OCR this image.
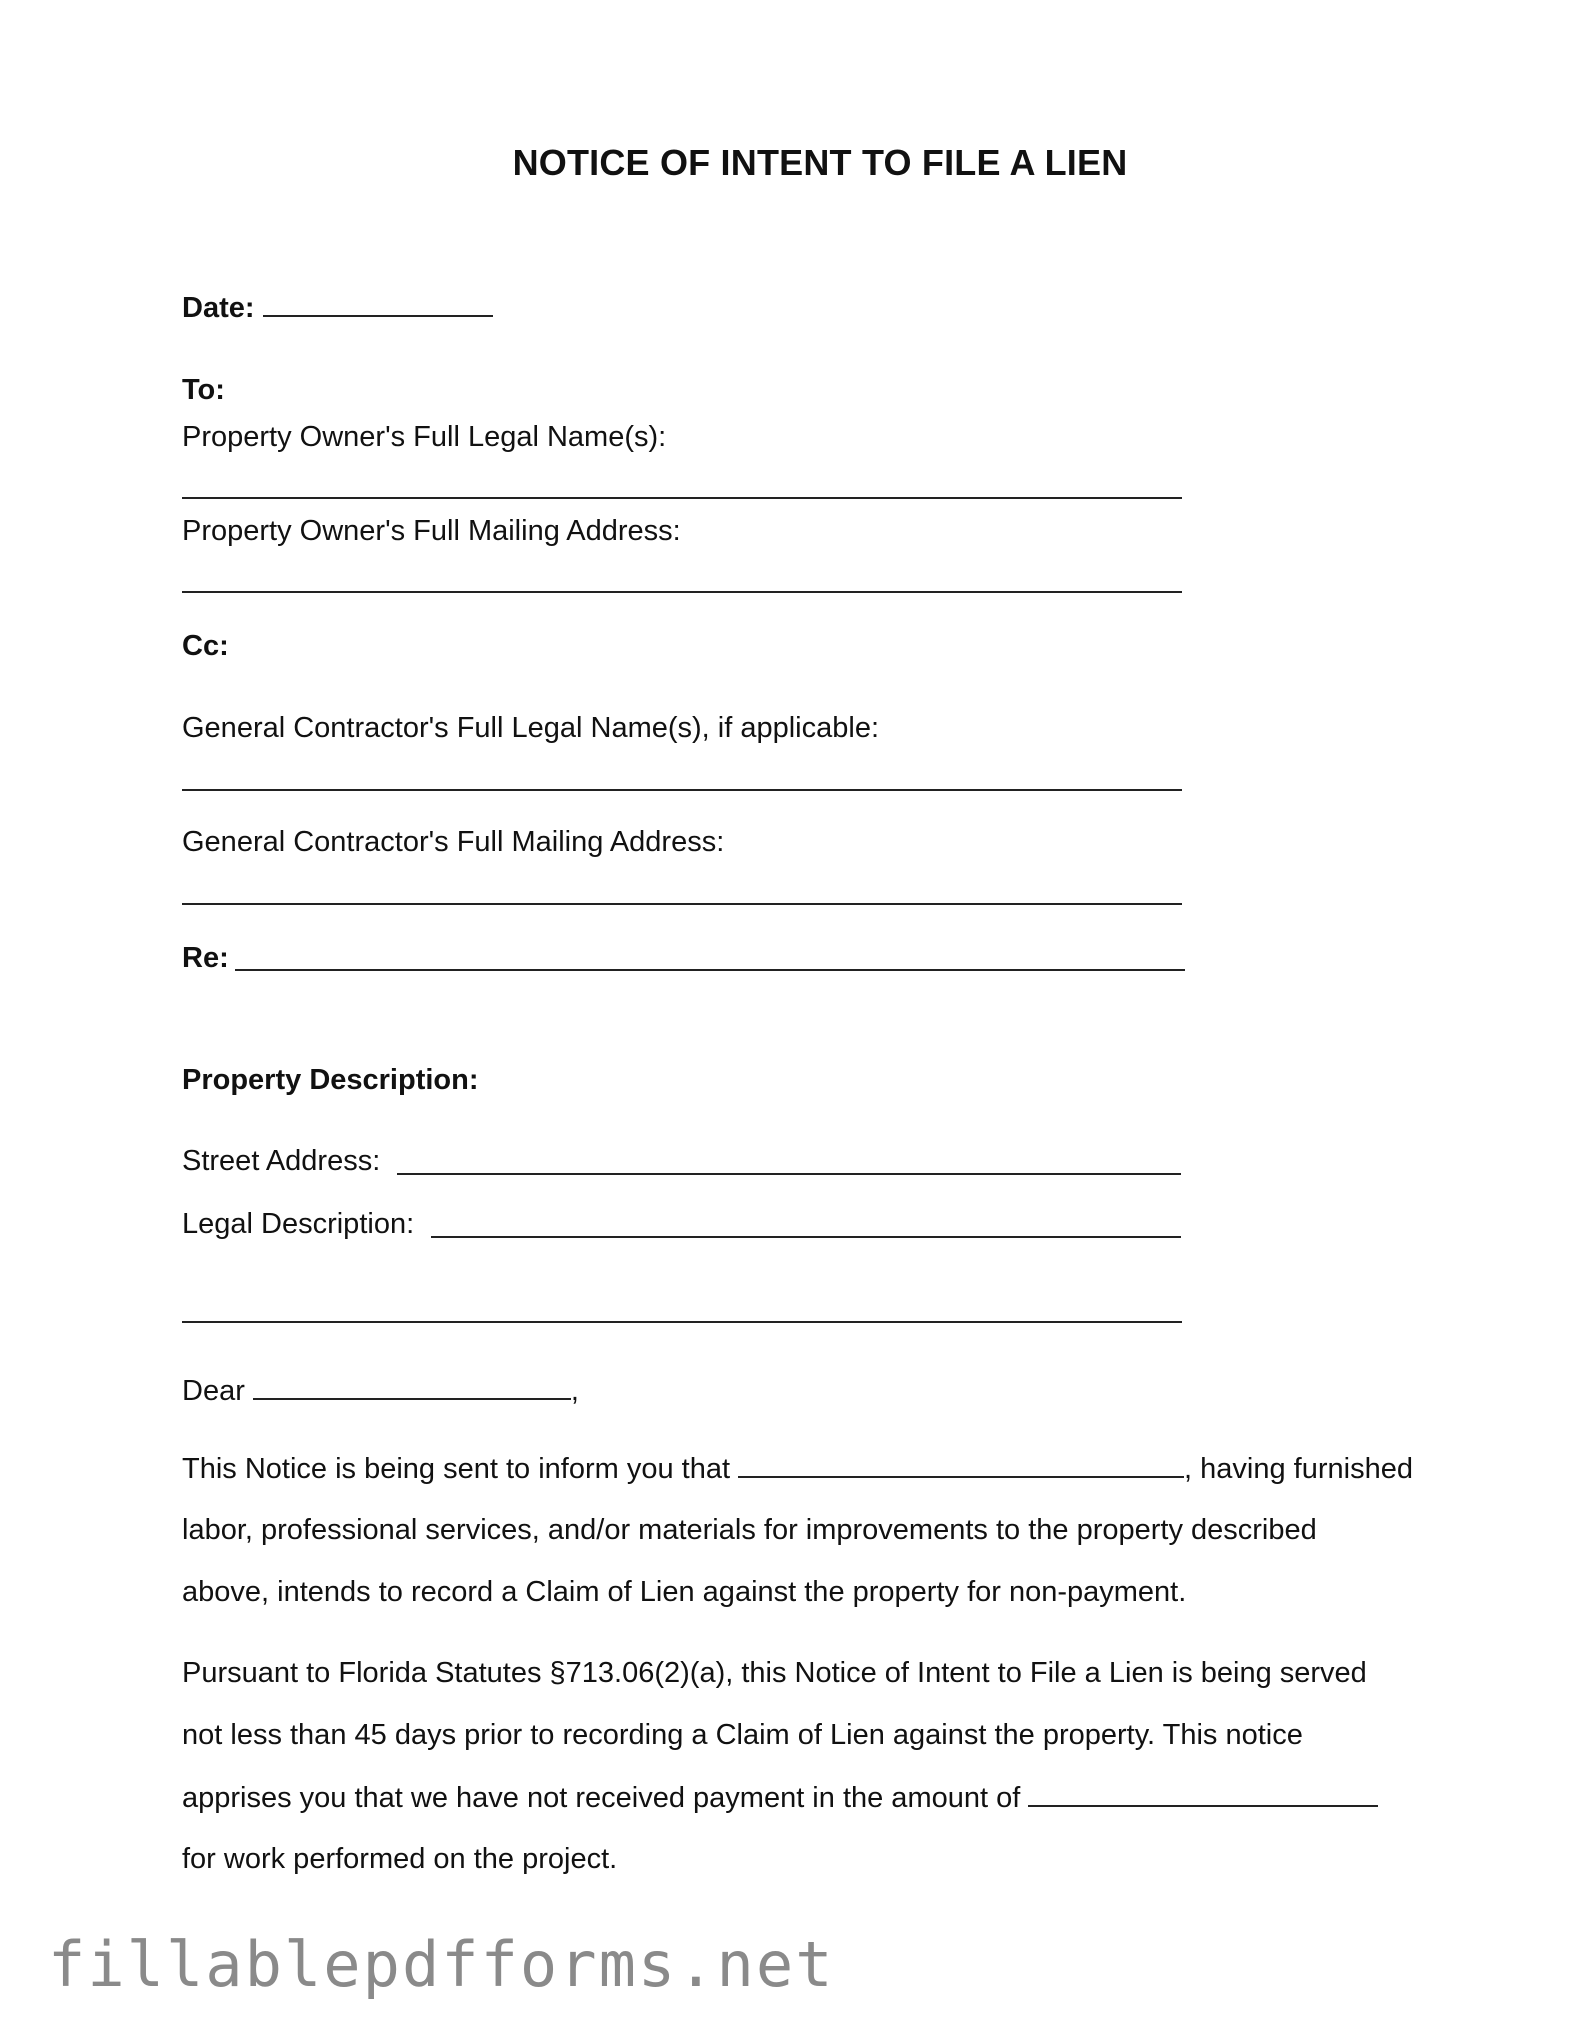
NOTICE OF INTENT TO FILE A LIEN
Date:
To:
Property Owner's Full Legal Name(s):
Property Owner's Full Mailing Address:
Cc:
General Contractor's Full Legal Name(s), if applicable:
General Contractor's Full Mailing Address:
Re:
Property Description:
Street Address:
Legal Description:
Dear	,
This Notice is being sent to inform you that	, having furnished
labor, professional services, and/or materials for improvements to the property described
above, intends to record a Claim of Lien against the property for non-payment.
Pursuant to Florida Statutes §713.06(2)(a), this Notice of Intent to File a Lien is being served
not less than 45 days prior to recording a Claim of Lien against the property. This notice
apprises you that we have not received payment in the amount of
for work performed on the project.
fillablepdfforms.net
